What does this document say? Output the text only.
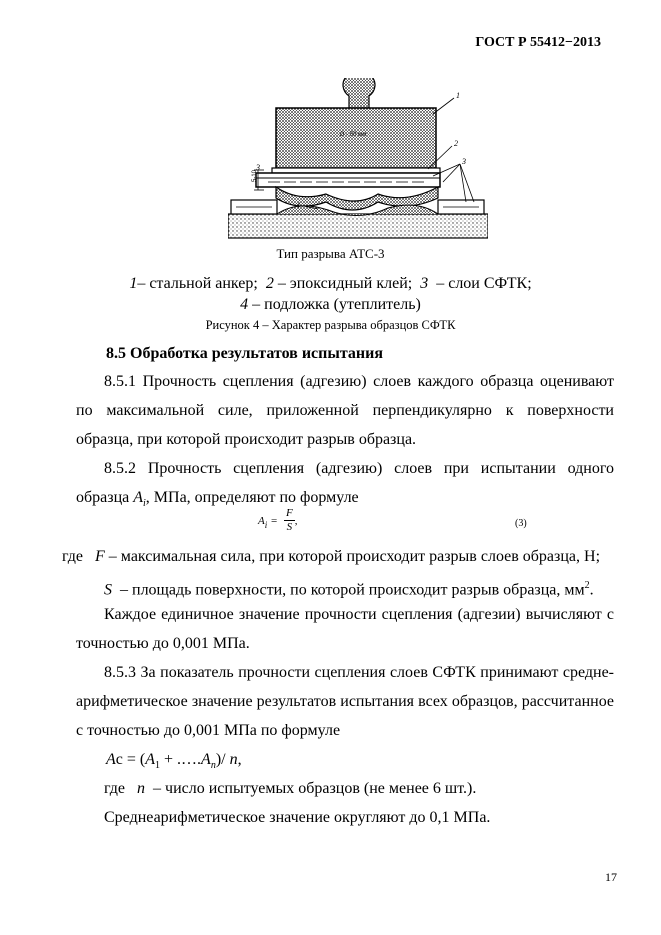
ГОСТ Р 55412−2013
5-10
D - 50 мм
1
2
3
3
4
Тип разрыва АТС-3
1– стальной анкер; 2 – эпоксидный клей; 3 – слои СФТК;
4 – подложка (утеплитель)
Рисунок 4 – Характер разрыва образцов СФТК
8.5 Обработка результатов испытания
8.5.1 Прочность сцепления (адгезию) слоев каждого образца оценивают по максимальной силе, приложенной перпендикулярно к поверхности образца, при которой происходит разрыв образца.
8.5.2 Прочность сцепления (адгезию) слоев при испытании одного образца $A_i$, МПа, определяют по формуле
$A_i = \frac{F}{S}$ ,	(3)
где F – максимальная сила, при которой происходит разрыв слоев образца, Н;
S – площадь поверхности, по которой происходит разрыв образца, $мм^2$.
Каждое единичное значение прочности сцепления (адгезии) вычисляют с точностью до 0,001 МПа.
8.5.3 За показатель прочности сцепления слоев СФТК принимают средне-арифметическое значение результатов испытания всех образцов, рассчитанное с точностью до 0,001 МПа по формуле
Aс = ($A_1$ + $.\dots.A_n)/$ n,
где n – число испытуемых образцов (не менее 6 шт.).
Среднеарифметическое значение округляют до 0,1 МПа.
17
